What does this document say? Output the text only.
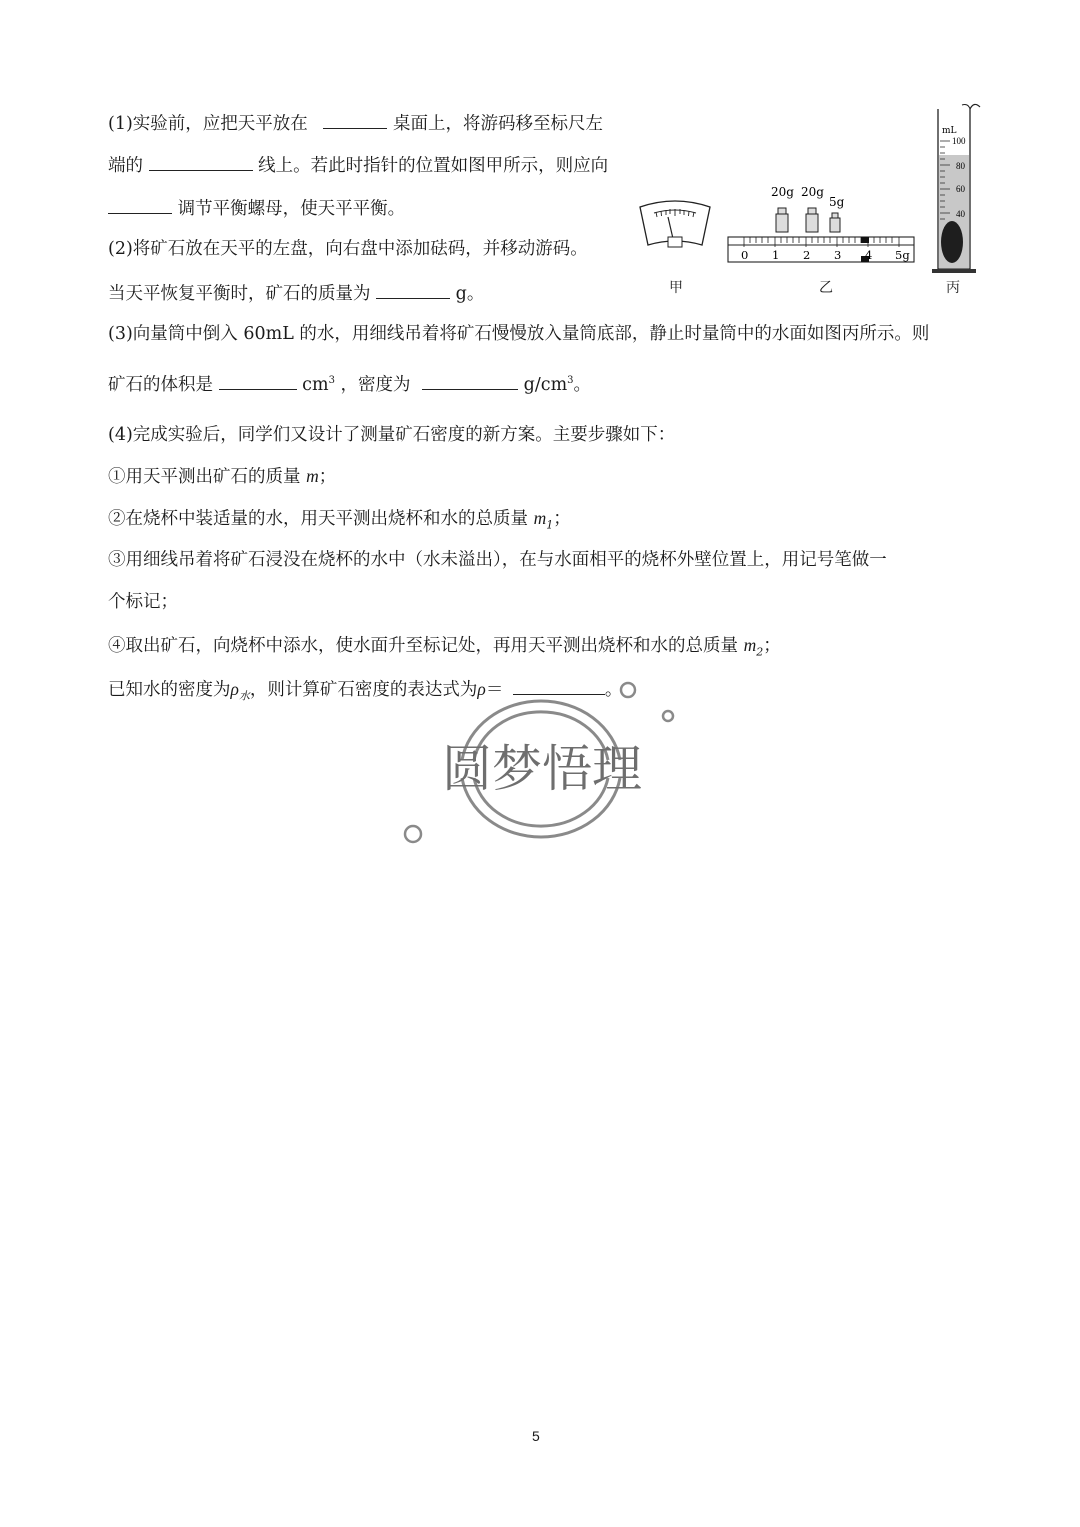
(1)实验前，应把天平放在	桌面上，将游码移至标尺左
端的	线上。若此时指针的位置如图甲所示，则应向
调节平衡螺母，使天平平衡。
(2)将矿石放在天平的左盘，向右盘中添加砝码，并移动游码。
当天平恢复平衡时，矿石的质量为	g。
20g 20g
5g
0 1 2 3 4 5g
mL
100
80
60
40
甲	乙	丙
(3)向量筒中倒入 60mL 的水，用细线吊着将矿石慢慢放入量筒底部，静止时量筒中的水面如图丙所示。则
矿石的体积是	$cm^3$ ，密度为	$g/cm^3$。
(4)完成实验后，同学们又设计了测量矿石密度的新方案。主要步骤如下：
①用天平测出矿石的质量 m；
②在烧杯中装适量的水，用天平测出烧杯和水的总质量 $m_1$；
③用细线吊着将矿石浸没在烧杯的水中（水未溢出），在与水面相平的烧杯外壁位置上，用记号笔做一
个标记；
④取出矿石，向烧杯中添水，使水面升至标记处，再用天平测出烧杯和水的总质量 $m_2$；
已知水的密度为$\rho_水$，则计算矿石密度的表达式为ρ＝	。
圆梦悟理
5
